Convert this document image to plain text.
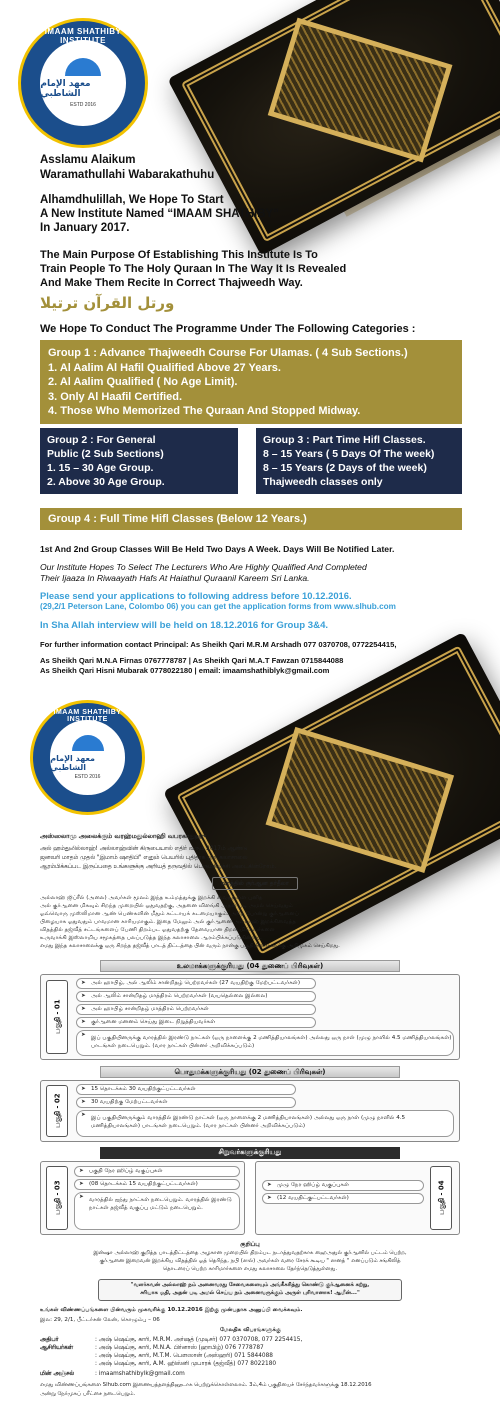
IMAAM SHATHIBY INSTITUTE
معهد الإمام الشاطبي
ESTD 2016
Asslamu Alaikum
Waramathullahi Wabarakathuhu
Alhamdhulillah, We Hope To Start
A New Institute Named “IMAAM SHATHIBY”
In January 2017.
The Main Purpose Of Establishing This Institute Is To
Train People To The Holy Quraan In The Way It Is Revealed
And Make Them Recite In Correct Thajweedh Way.
ورتل القرآن ترتيلا
We Hope To Conduct The Programme Under The Following Categories :
Group 1 : Advance Thajweedh Course For Ulamas. ( 4 Sub Sections.)
1. Al Aalim Al Hafil Qualified Above 27 Years.
2. Al Aalim Qualified ( No Age Limit).
3. Only Al Haafil Certified.
4. Those Who Memorized The Quraan And Stopped Midway.
Group 2 : For General
Public (2 Sub Sections)
1. 15 – 30 Age Group.
2. Above 30 Age Group.
Group 3 : Part Time Hifl Classes.
8 – 15 Years ( 5 Days Of The week)
8 – 15 Years (2 Days of the week)
Thajweedh classes only
Group 4 : Full Time Hifl Classes (Below 12 Years.)
1st And 2nd Group Classes Will Be Held Two Days A Week. Days Will Be Notified Later.
Our Institute Hopes To Select The Lecturers Who Are Highly Qualified And Completed
Their Ijaaza In Riwaayath Hafs At Haiathul Quraanil Kareem Sri Lanka.
Please send your applications to following address before 10.12.2016.
(29,2/1 Peterson Lane, Colombo 06) you can get the application forms from www.slhub.com
In Sha Allah interview will be held on 18.12.2016 for Group 3&4.
For further information contact Principal: As Sheikh Qari M.R.M Arshadh 077 0370708, 0772254415,
As Sheikh Qari M.N.A Firnas 0767778787 | As Sheikh Qari M.A.T Fawzan 0715844088
As Sheikh Qari Hisni Mubarak 0778022180 | email: imaamshathiblyk@gmail.com
IMAAM SHATHIBY INSTITUTE
معهد الإمام الشاطبي
ESTD 2016
அஸ்ஸலாமு அலைக்கும் வரஹ்மதுல்லாஹி வபரகாதுஹு
அல் ஹம்துலில்லாஹ்! அல்லாஹ்வின் கிருபையால் எதிர் வரும் 2017ம் ஆண்டு
ஜனவரி மாதம் முதல் "இமாம் ஷாதிபி" எனும் பெயரில் புதிதாக ஒரு கலாசாலை
ஆரம்பிக்கப்பட இருப்பதை உங்களுக்கு அறியத் தருவதில் பெருமகிழ்ச்சி அடைகின்றோம்.
வரத்தில் குர்ஆன தர்தீலா
அல்லாஹ் ஜிப்ரீல் (அலை) அவர்கள் மூலம் இந்த உம்மத்துக்கு இறக்கி வைத்துள்ள புனித
அல் குர்ஆனை மிகவும் சிறந்த முறையில் ஓதுவதற்கு, அதனை விளங்கி அதன் படி அமல் செய்வதும்
ஓவ்வொரு முஸ்லிமான ஆண் பெண்களின் மீதும் கட்டாயக் கடமையாகும். அதே போன்று குர்ஆனைப்
பிழையாக ஓதுவதும் பாவமான காரியமாகும். இதை மேலும் அல் குர்ஆனை அல்லாஹ் இறக்கிவைத்த
விதத்தில் தஜ்வீத் சட்டங்களைப் பேணி திறம்பட ஓதுவதற்கு தேவையான திறன் மிக்கவர்களை
உருவாக்கி இஸ்லாமிய சமூகத்தை பலப்படுத்த இந்த கலாசாலை ஆரம்பிக்கப்படுகின்றது.
எமது இந்த கலாசாலைக்கு ஒரு சிறந்த தஜ்வீத் பாடத் திட்டத்தை பின் வரும் நான்கு பகுதியினர்களுக்கு அறிமுகம் செய்கிறது.
உலமாக்களுக்குரியது (04 துணைப் பிரிவுகள்)
பகுதி - 01
➤ அல் ஹாபிழ், அல் ஆலிம் சான்றிதழ் பெற்றவர்கள் (27 வயதிற்கு மேற்பட்டவர்கள்)
➤ அல் ஆலிம் சான்றிதழ் மாத்திரம் பெற்றவர்கள் (வயதெல்லை இல்லை)
➤ அல் ஹாபிழ் சான்றிதழ் மாத்திரம் பெற்றவர்கள்
➤ குர்ஆனை மனனம் செய்து இடை நிறுத்தியவர்கள்
➤ இப் பகுதியினருக்கு வாரத்தில் இரண்டு நாட்கள் (ஒரு நாளைக்கு 2 மணித்தியாலங்கள்) அல்லது ஒரு நாள் (முழு நாளில் 4.5 மணித்தியாலங்கள்) பாடங்கள் நடைபெறும். (வார நாட்கள் பின்னர் அறிவிக்கப்படும்)
பொதுமக்களுக்குரியது (02 துணைப் பிரிவுகள்)
பகுதி - 02
➤ 15 தொடக்கம் 30 வயதிற்குட்பட்டவர்கள்
➤ 30 வயதிற்கு மேற்பட்டவர்கள்
➤ இப் பகுதியினருக்கும் வாரத்தில் இரண்டு நாட்கள் (ஒரு நாளைக்கு 2 மணித்தியாலங்கள்) அல்லது ஒரு நாள் (முழு நாளில் 4.5 மணித்தியாலங்கள்) பாடங்கள் நடைபெறும். (வார நாட்கள் பின்னர் அறிவிக்கப்படும்)
சிறுவர்களுக்குரியது
பகுதி - 03
➤ பகுதி நேர ஹிப்ழ் வகுப்புகள்
➤ (08 தொடக்கம் 15 வயதிற்குட்பட்டவர்கள்)
➤ வாரத்தில் ஐந்து நாட்கள் நடைபெறும். வாரத்தில் இரண்டு நாட்கள் தஜ்வீத் வகுப்பு மட்டும் நடைபெறும்.	பகுதி - 04
➤ முழு நேர ஹிப்ழ் வகுப்புகள்
➤ (12 வயதிட்குட்பட்டவர்கள்)
குறிப்பு
இன்ஷா அல்லாஹ் குறித்த பாடத்திட்டத்தை அழகான முறையில் திறம்பட நடாத்துவதற்காக ஹைஅதுல் குர்ஆனில் பட்டம் பெற்ற,
குர்ஆனை இறைவன் இறக்கிய விதத்தில் ஓத் தெரிந்த, நபி (ஸல்) அவர்கள் வரை சேரக் கூடிய " ஸனத் " எனப்படும் சங்கிலித்
தொடரைப் பெற்ற காரிமார்களை எமது கலாசாலை தேர்ந்தெடுத்துள்ளது.
"வளர்கவன் அல்லாஹ் நம் அனைவரது சேவைகளையும் அங்கீகரித்து கொண்டு குர்ஆனைக் கற்று,
சரியாக ஓதி, அதன் படி அமல் செய்ய நம் அனைவருக்கும் அருள் புரிவானாக! ஆமீன்..."
உங்கள் விண்ணப்பங்களை பின்வரும் முகவரிக்கு 10.12.2016 இற்கு முன்பதாக அனுப்பி வைக்கவும்.
இல: 29, 2/1, பீட்டர்சன் லேன், கொழும்பு – 06
மேலதிக விபரங்களுக்கு
அதிபர்	: அஷ் ஷெய்கு, காரி, M.R.M. அர்ஷத் (முடிசர்) 077 0370708, 077 2254415,
ஆசிரியர்கள்	: அஷ் ஷெய்கு, காரி, M.N.A. பிர்னாஸ் (ஹாபிழ்) 076 7778787
: அஷ் ஷெய்கு, காரி, M.T.M. பௌஸான் (அஸ்ஹரி) 071 5844088
: அஷ் ஷெய்கு, காரி, A.M. ஹிஸ்னி முபாரக் (தஜ்வீத்) 077 8022180
மின் அஞ்சல்	: imaamshathibylk@gmail.com
எமது விண்ணப்பங்களை Slhub.com இணையத்தளத்தினூடாக பெற்றுக்கொள்ளலாம். 3ம்,4ம் பகுதியைச் சேர்ந்தவர்களுக்கு 18.12.2016
அன்று நேர்முகப் பரீட்சை நடைபெறும்.
